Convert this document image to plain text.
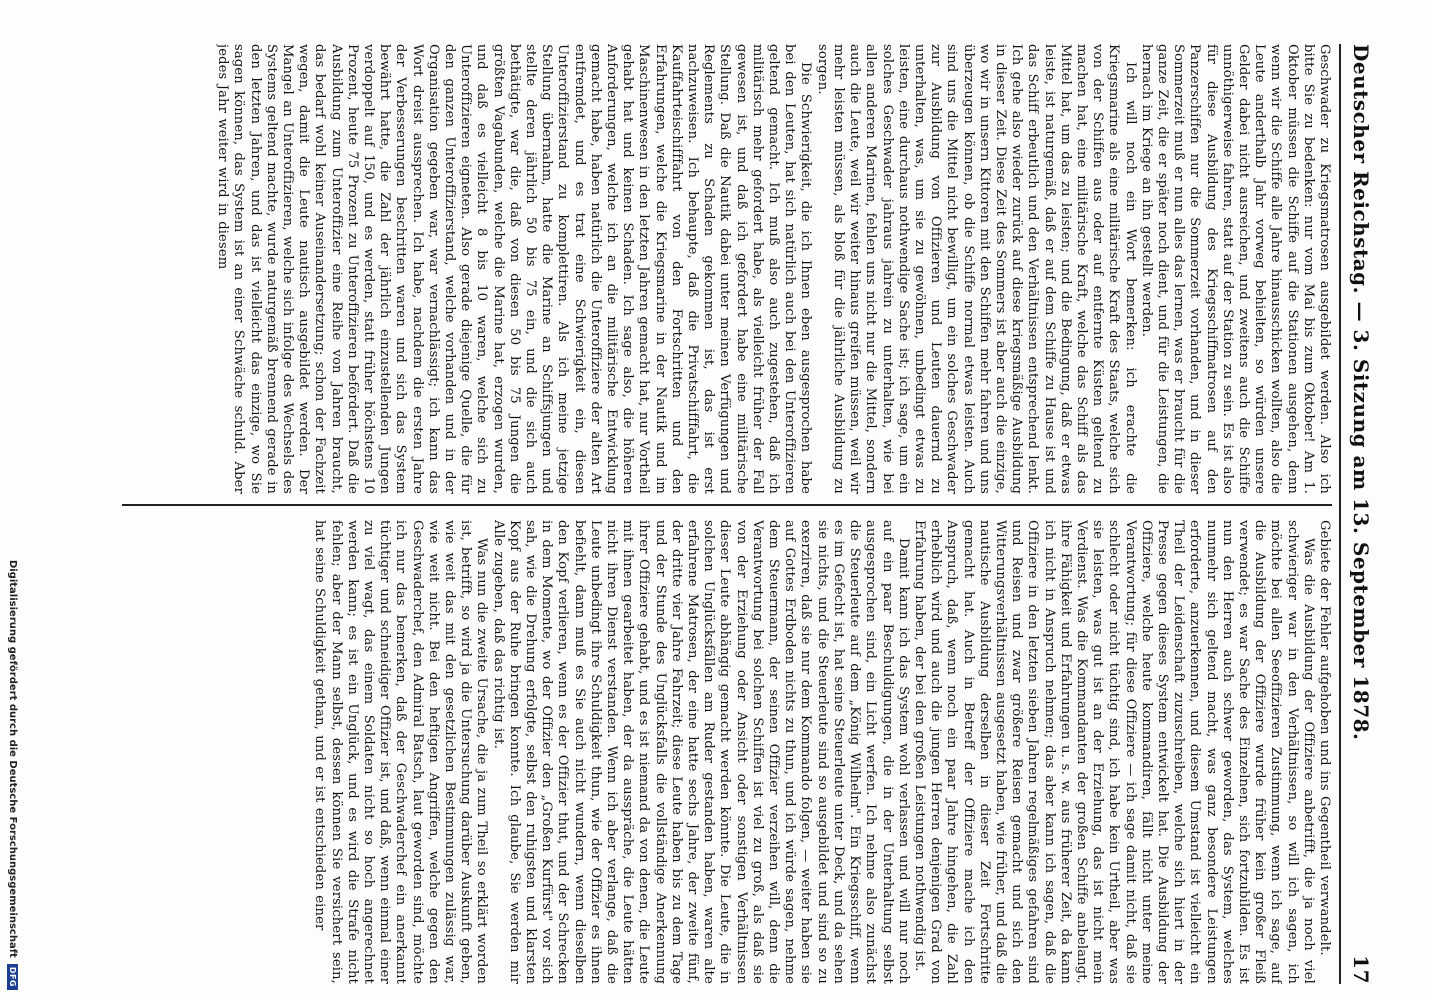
Deutscher Reichstag. — 3. Sitzung am 13. September 1878.
17

Geschwader zu Kriegsmatrosen ausgebildet werden. Also ich bitte Sie zu bedenken: nur vom Mai bis zum Oktober! Am 1. Oktober müssen die Schiffe auf die Stationen ausgehen, denn wenn wir die Schiffe alle Jahre hinausschicken wollten, also die Leute anderthalb Jahr vorweg behielten, so würden unsere Gelder dabei nicht ausreichen, und zweitens auch die Schiffe unnöthigerweise fahren, statt auf der Station zu sein. Es ist also für diese Ausbildung des Kriegsschiffmatrosen auf den Panzerschiffen nur die Sommerzeit vorhanden, und in dieser Sommerzeit muß er nun alles das lernen, was er braucht für die ganze Zeit, die er später noch dient, und für die Leistungen, die hernach im Kriege an ihn gestellt werden.

Ich will noch ein Wort bemerken: ich erachte die Kriegsmarine als eine militärische Kraft des Staats, welche sich von der Schiffen aus oder auf entfernte Küsten geltend zu machen hat, eine militärische Kraft, welche das Schiff als das Mittel hat, um das zu leisten; und die Bedingung, daß er etwas leiste, ist naturgemäß, daß er auf dem Schiffe zu Hause ist und das Schiff erbeutlich und den Verhältnissen entsprechend lenkt. Ich gehe also wieder zurück auf diese kriegsmäßige Ausbildung in dieser Zeit. Diese Zeit des Sommers ist aber auch die einzige, wo wir in unsern Kittoren mit den Schiffen mehr fahren und uns überzeugen können, ob die Schiffe normal etwas leisten. Auch sind uns die Mittel nicht bewilligt, um ein solches Geschwader zur Ausbildung von Offizieren und Leuten dauernd zu unterhalten, was, um sie zu gewöhnen, unbedingt etwas zu leisten, eine durchaus nothwendige Sache ist; ich sage, um ein solches Geschwader jahraus jahrein zu unterhalten, wie bei allen anderen Marinen, fehlen uns nicht nur die Mittel, sondern auch die Leute, weil wir weiter hinaus greifen müssen, weil wir mehr leisten müssen, als bloß für die jährliche Ausbildung zu sorgen.

Die Schwierigkeit, die ich Ihnen eben ausgesprochen habe bei den Leuten, hat sich natürlich auch bei den Unteroffizieren geltend gemacht. Ich muß also auch zugestehen, daß ich militärisch mehr gefordert habe, als vielleicht früher der Fall gewesen ist, und daß ich gefordert habe eine militärische Stellung. Daß die Nautik dabei unter meinen Verfügungen und Reglements zu Schaden gekommen ist, das ist erst nachzuweisen. Ich behaupte, daß die Privatschifffahrt, die Kauffahrteischifffahrt von den Fortschritten und den Erfahrungen, welche die Kriegsmarine in der Nautik und im Maschinenwesen in den letzten Jahren gemacht hat, nur Vortheil gehabt hat und keinen Schaden. Ich sage also, die höheren Anforderungen, welche ich an die militärische Entwicklung gemacht habe, haben natürlich die Unteroffiziere der alten Art entfremdet, und es trat eine Schwierigkeit ein, diesen Unteroffizierstand zu komplettiren. Als ich meine jetzige Stellung übernahm, hatte die Marine an Schiffsjungen und stellte deren jährlich 50 bis 75 ein, und die sich auch bethätigte, war die, daß von diesen 50 bis 75 Jungen die größten Vagabunden, welche die Marine hat, erzogen wurden, und daß es vielleicht 8 bis 10 waren, welche sich zu Unteroffizieren eigneten. Also gerade diejenige Quelle, die für den ganzen Unteroffizierstand, welche vorhanden und in der Organisation gegeben war, war vernachlässigt; ich kann das Wort dreist aussprechen. Ich habe, nachdem die ersten Jahre der Verbesserungen beschritten waren und sich das System bewährt hatte, die Zahl der jährlich einzustellenden Jungen verdoppelt auf 150, und es werden, statt früher höchstens 10 Prozent, heute 75 Prozent zu Unteroffizieren befördert. Daß die Ausbildung zum Unteroffizier eine Reihe von Jahren braucht, das bedarf wohl keiner Auseinandersetzung; schon der Fachzeit wegen, damit die Leute nautisch ausgebildet werden. Der Mangel an Unteroffizieren, welche sich infolge des Wechsels des Systems geltend machte, wurde naturgemäß brennend gerade in den letzten Jahren, und das ist vielleicht das einzige, wo Sie sagen können, das System ist an einer Schwäche schuld. Aber jedes Jahr weiter wird in diesem

Gebiete der Fehler aufgehoben und ins Gegentheil verwandelt.

Was die Ausbildung der Offiziere anbetrifft, die ja noch viel schwieriger war in den Verhältnissen, so will ich sagen, ich möchte bei allen Seeoffizieren Zustimmung, wenn ich sage, auf die Ausbildung der Offiziere wurde früher kein großer Fleiß verwendet; es war Sache des Einzelnen, sich fortzubilden. Es ist nun den Herren auch schwer geworden, das System, welches nunmehr sich geltend macht, was ganz besondere Leistungen erforderte, anzuerkennen, und diesem Umstand ist vielleicht ein Theil der Leidenschaft zuzuschreiben, welche sich hiert in der Presse gegen dieses System entwickelt hat. Die Ausbildung der Offiziere, welche heute kommandiren, fällt nicht unter meine Verantwortung; für diese Offiziere — ich sage damit nicht, daß sie schlecht oder nicht tüchtig sind, ich habe kein Urtheil, aber was sie leisten, was gut ist an der Erziehung, das ist nicht mein Verdienst. Was die Kommandanten der großen Schiffe anbelangt, ihre Fähigkeit und Erfahrungen u. s. w. aus früherer Zeit, da kann ich nicht in Anspruch nehmen; das aber kann ich sagen, daß die Offiziere in den letzten sieben Jahren regelmäßiges gefahren sind und Reisen und zwar größere Reisen gemacht und sich den Witterungsverhältnissen ausgesetzt haben, wie früher, und daß die nautische Ausbildung derselben in dieser Zeit Fortschritte gemacht hat. Auch in Betreff der Offiziere mache ich den Anspruch, daß, wenn noch ein paar Jahre hingehen, die Zahl erheblich wird und auch die jungen Herren denjenigen Grad von Erfahrung haben, der bei den großen Leistungen nothwendig ist.

Damit kann ich das System wohl verlassen und will nur noch auf ein paar Beschuldigungen, die in der Unterhaltung selbst ausgesprochen sind, ein Licht werfen. Ich nehme also zunächst die Steuerleute auf dem „König Wilhelm". Ein Kriegsschiff, wenn es im Gefecht ist, hat seine Steuerleute unter Deck, und da sehen sie nichts, und die Steuerleute sind so ausgebildet und sind so zu exerziren, daß sie nur dem Kommando folgen, — weiter haben sie auf Gottes Erdboden nichts zu thun, und ich würde sagen, nehme dem Steuermann, der seinen Offizier verzeihen will, denn die Verantwortung bei solchen Schiffen ist viel zu groß, als daß sie von der Erziehung oder Ansicht oder sonstigen Verhältnissen dieser Leute abhängig gemacht werden könnte. Die Leute, die in solchen Unglücksfällen am Ruder gestanden haben, waren alte erfahrene Matrosen, der eine hatte sechs Jahre, der zweite fünf, der dritte vier Jahre Fahrzeit; diese Leute haben bis zu dem Tage und der Stunde des Unglücksfalls die vollständige Anerkennung ihrer Offiziere gehabt, und es ist niemand da von denen, die Leute mit ihnen gearbeitet haben, der da ausspräche, die Leute hätten nicht ihren Dienst verstanden. Wenn ich aber verlange, daß die Leute unbedingt ihre Schuldigkeit thun, wie der Offizier es ihnen befiehlt, dann muß es Sie auch nicht wundern, wenn dieselben den Kopf verlieren, wenn es der Offizier thut, und der Schrecken in dem Momente, wo der Offizier den „Großen Kurfürst" vor sich sah, wie die Drehung erfolgte, selbst den ruhigsten und klarsten Kopf aus der Ruhe bringen konnte. Ich glaube, Sie werden mir Alle zugeben, daß das richtig ist.

Was nun die zweite Ursache, die ja zum Theil so erklärt worden ist, betrifft, so wird ja die Untersuchung darüber Auskunft geben, wie weit das mit den gesetzlichen Bestimmungen zulässig war, wie weit nicht. Bei den heftigen Angriffen, welche gegen den Geschwaderchef, den Admiral Batsch, laut geworden sind, möchte ich nur das bemerken, daß der Geschwaderchef ein anerkannt tüchtiger und schneidiger Offizier ist, und daß, wenn einmal einer zu viel wagt, das einem Soldaten nicht so hoch angerechnet werden kann; es ist ein Unglück, und es wird die Strafe nicht fehlen; aber der Mann selbst, dessen können Sie versichert sein, hat seine Schuldigkeit gethan, und er ist entschieden einer

Digitalisierung gefördert durch die Deutsche Forschungsgemeinschaft
DFG
